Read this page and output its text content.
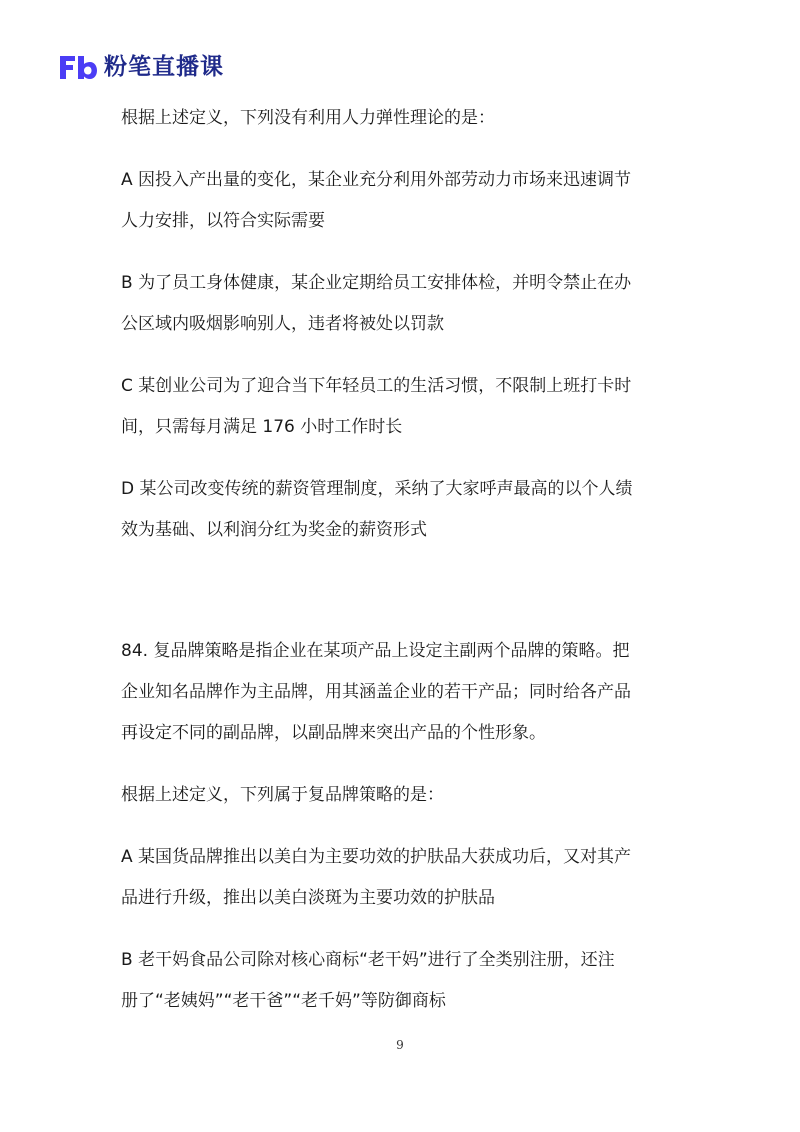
粉笔直播课
根据上述定义，下列没有利用人力弹性理论的是：
A 因投入产出量的变化，某企业充分利用外部劳动力市场来迅速调节
人力安排，以符合实际需要
B 为了员工身体健康，某企业定期给员工安排体检，并明令禁止在办
公区域内吸烟影响别人，违者将被处以罚款
C 某创业公司为了迎合当下年轻员工的生活习惯，不限制上班打卡时
间，只需每月满足 176 小时工作时长
D 某公司改变传统的薪资管理制度，采纳了大家呼声最高的以个人绩
效为基础、以利润分红为奖金的薪资形式
84. 复品牌策略是指企业在某项产品上设定主副两个品牌的策略。把
企业知名品牌作为主品牌，用其涵盖企业的若干产品；同时给各产品
再设定不同的副品牌，以副品牌来突出产品的个性形象。
根据上述定义，下列属于复品牌策略的是：
A 某国货品牌推出以美白为主要功效的护肤品大获成功后，又对其产
品进行升级，推出以美白淡斑为主要功效的护肤品
B 老干妈食品公司除对核心商标“老干妈”进行了全类别注册，还注
册了“老姨妈”“老干爸”“老千妈”等防御商标
9
